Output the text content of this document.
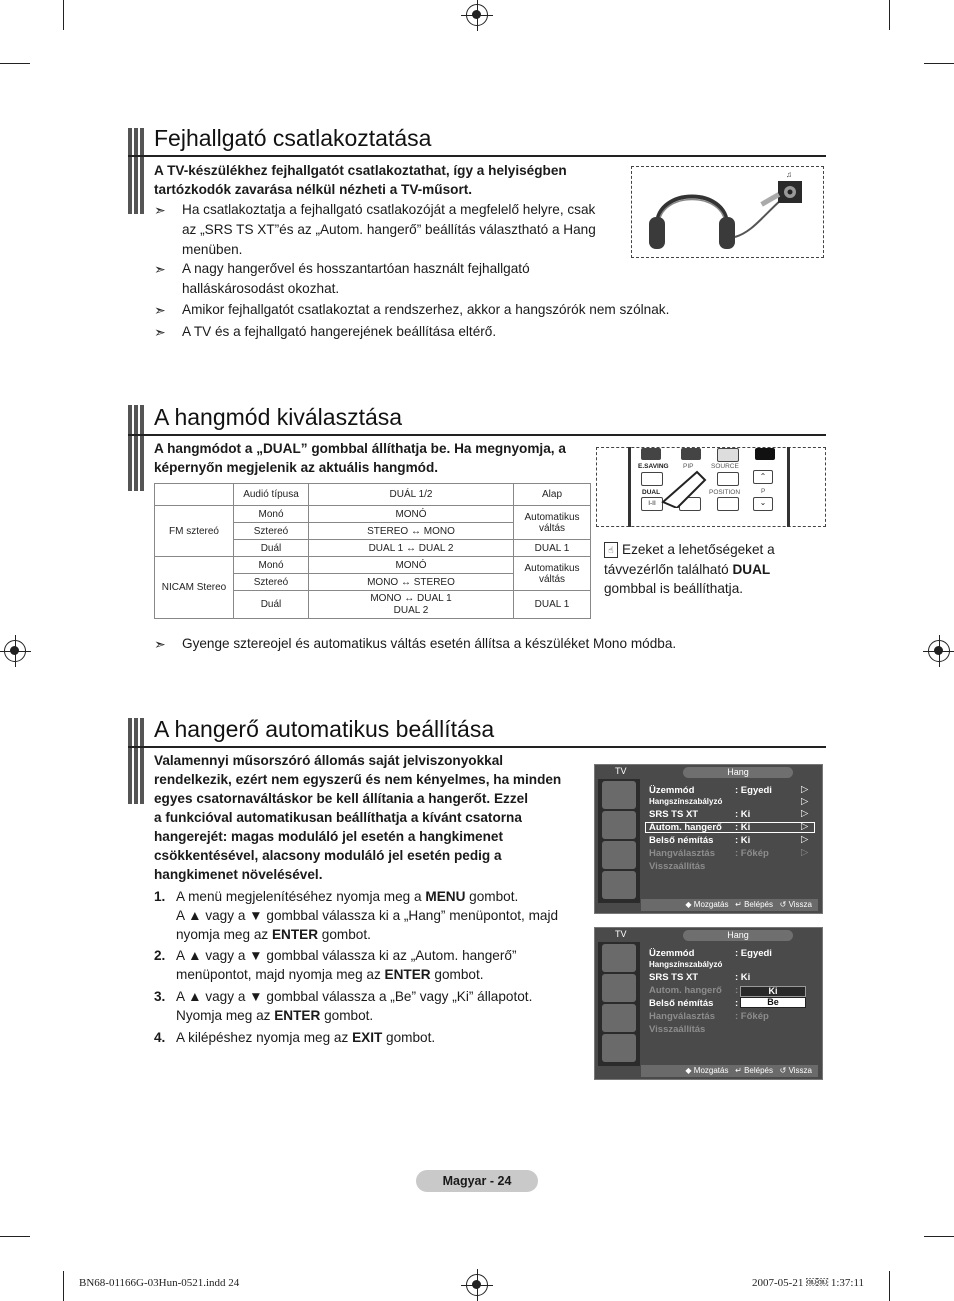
Fejhallgató csatlakoztatása
A TV-készülékhez fejhallgatót csatlakoztathat, így a helyiségben
tartózkodók zavarása nélkül nézheti a TV-műsort.
➣	Ha csatlakoztatja a fejhallgató csatlakozóját a megfelelő helyre, csak
az „SRS TS XT”és az „Autom. hangerő” beállítás választható a Hang
menüben.
➣	A nagy hangerővel és hosszantartóan használt fejhallgató
halláskárosodást okozhat.
➣	Amikor fejhallgatót csatlakoztat a rendszerhez, akkor a hangszórók nem szólnak.
➣	A TV és a fejhallgató hangerejének beállítása eltérő.
♫
A hangmód kiválasztása
A hangmódot a „DUAL” gombbal állíthatja be. Ha megnyomja, a
képernyőn megjelenik az aktuális hangmód.
	Audió típusa	DUÁL 1/2	Alap
FM sztereó	Monó	MONÓ	Automatikus váltás
	Sztereó	STEREO ↔ MONO	
	Duál	DUAL 1 ↔ DUAL 2	DUAL 1
NICAM Stereo	Monó	MONÓ	Automatikus váltás
	Sztereó	MONO ↔ STEREO	
	Duál	MONO ↔ DUAL 1
DUAL 2	DUAL 1
E.SAVING PIP	SOURCE
⌃
DUAL	POSITION	P
I-II	⌄
☝ Ezeket a lehetőségeket a
távvezérlőn található DUAL
gombbal is beállíthatja.
➣	Gyenge sztereojel és automatikus váltás esetén állítsa a készüléket Mono módba.
A hangerő automatikus beállítása
Valamennyi műsorszóró állomás saját jelviszonyokkal
rendelkezik, ezért nem egyszerű és nem kényelmes, ha minden
egyes csatornaváltáskor be kell állítania a hangerőt. Ezzel
a funkcióval automatikusan beállíthatja a kívánt csatorna
hangerejét: magas moduláló jel esetén a hangkimenet
csökkentésével, alacsony moduláló jel esetén pedig a
hangkimenet növelésével.
1. A menü megjelenítéséhez nyomja meg a MENU gombot.
A ▲ vagy a ▼ gombbal válassza ki a „Hang” menüpontot, majd
nyomja meg az ENTER gombot.
2. A ▲ vagy a ▼ gombbal válassza ki az „Autom. hangerő”
menüpontot, majd nyomja meg az ENTER gombot.
3. A ▲ vagy a ▼ gombbal válassza a „Be” vagy „Ki” állapotot.
Nyomja meg az ENTER gombot.
4. A kilépéshez nyomja meg az EXIT gombot.
TV	Hang
Üzemmód	: Egyedi	▷
Hangszínszabályzó	▷
SRS TS XT	: Ki	▷
Autom. hangerő : Ki	▷
Belső némítás : Ki	▷
Hangválasztás : Főkép	▷
Visszaállítás
◆ Mozgatás   ↵ Belépés   ↺ Vissza
TV	Hang
Üzemmód	: Egyedi
Hangszínszabályzó
SRS TS XT	: Ki
Autom. hangerő :
Belső némítás :
Hangválasztás : Főkép
Visszaállítás
Ki
Be
◆ Mozgatás   ↵ Belépés   ↺ Vissza
Magyar - 24
BN68-01166G-03Hun-0521.indd 24	2007-05-21 ￼￼ 1:37:11
